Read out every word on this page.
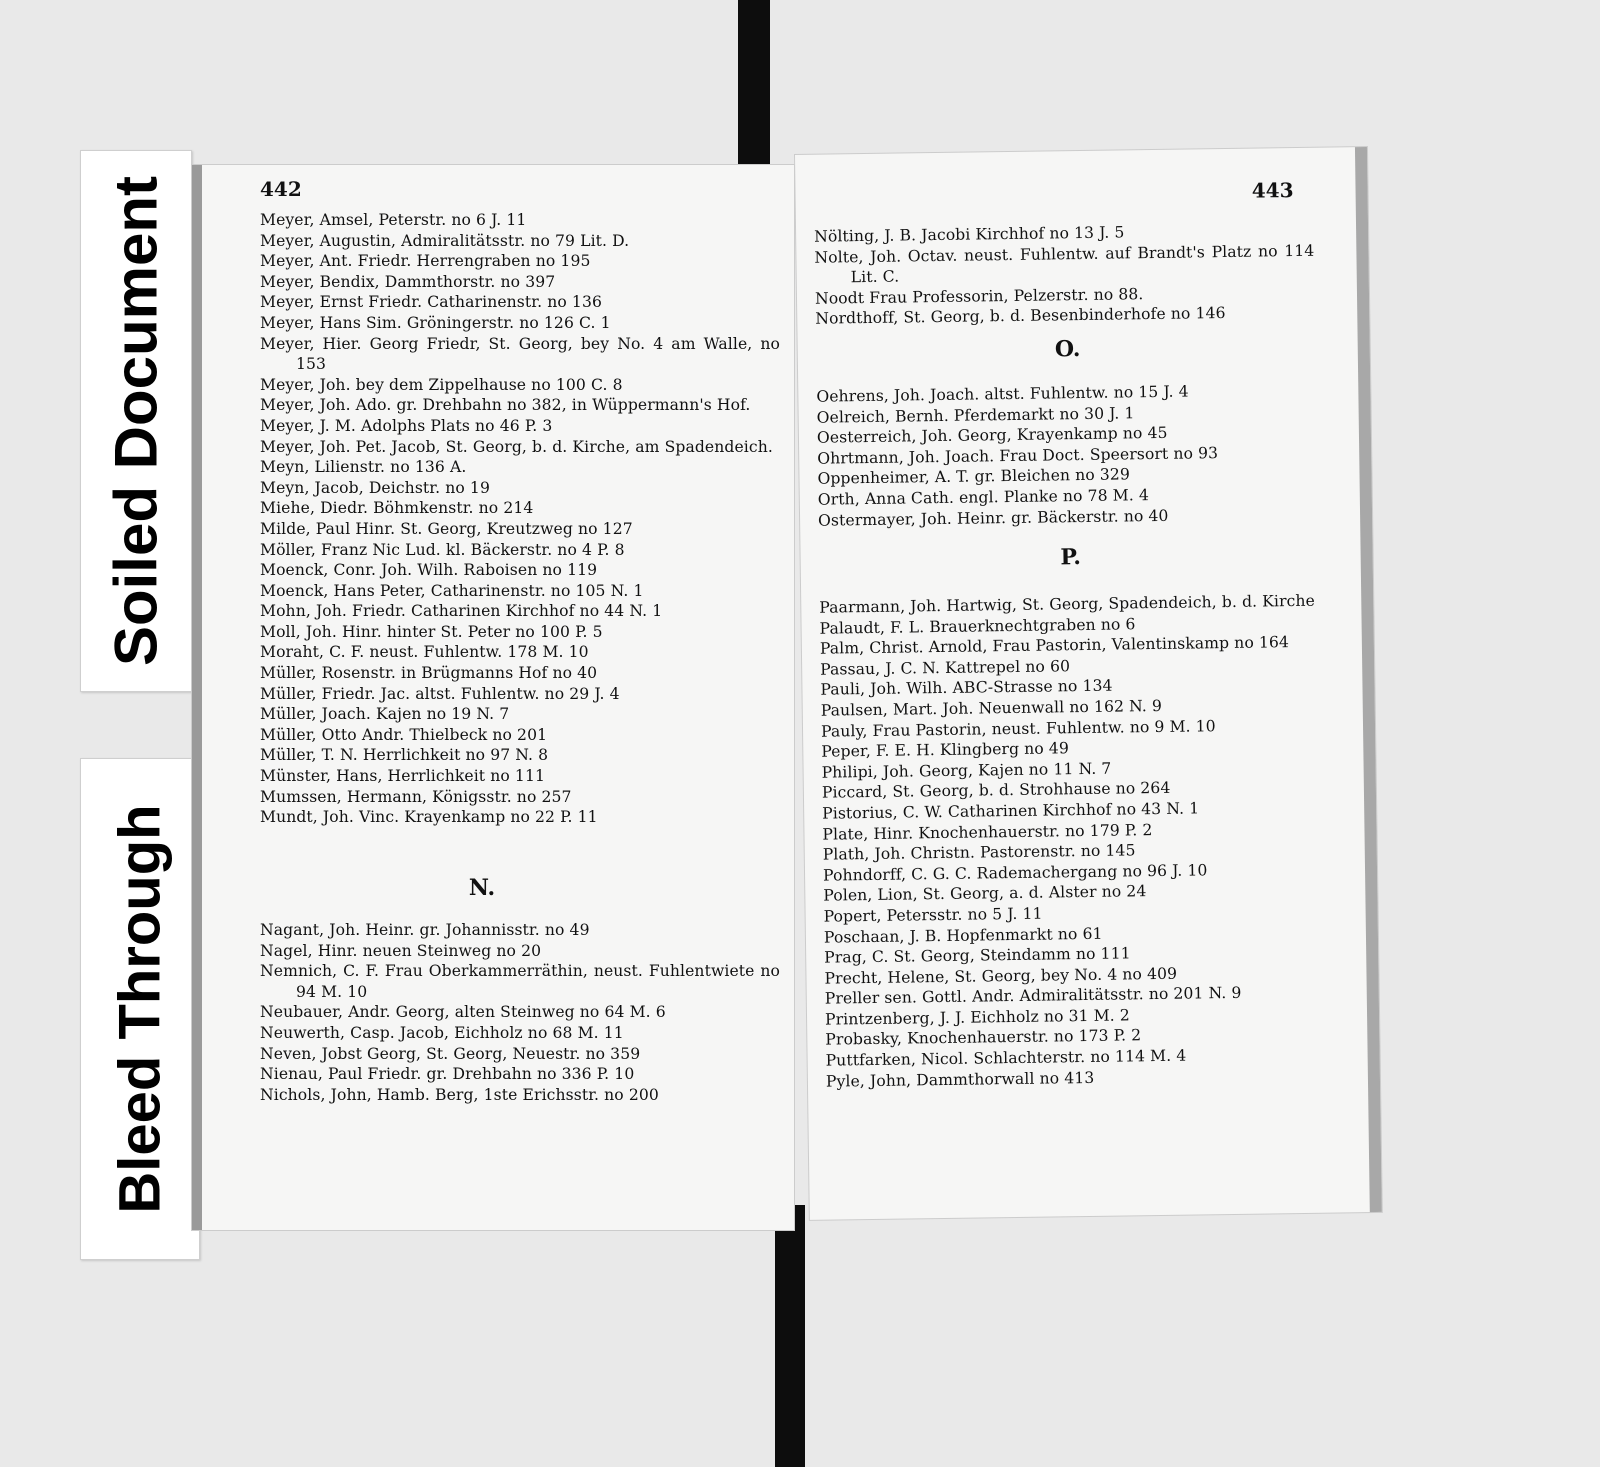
Soiled Document
Bleed Through
442
Meyer, Amsel, Peterstr. no 6 J. 11
Meyer, Augustin, Admiralitätsstr. no 79 Lit. D.
Meyer, Ant. Friedr. Herrengraben no 195
Meyer, Bendix, Dammthorstr. no 397
Meyer, Ernst Friedr. Catharinenstr. no 136
Meyer, Hans Sim. Gröningerstr. no 126 C. 1
Meyer, Hier. Georg Friedr, St. Georg, bey No. 4 am Walle, no 153
Meyer, Joh. bey dem Zippelhause no 100 C. 8
Meyer, Joh. Ado. gr. Drehbahn no 382, in Wüppermann's Hof.
Meyer, J. M. Adolphs Plats no 46 P. 3
Meyer, Joh. Pet. Jacob, St. Georg, b. d. Kirche, am Spadendeich.
Meyn, Lilienstr. no 136 A.
Meyn, Jacob, Deichstr. no 19
Miehe, Diedr. Böhmkenstr. no 214
Milde, Paul Hinr. St. Georg, Kreutzweg no 127
Möller, Franz Nic Lud. kl. Bäckerstr. no 4 P. 8
Moenck, Conr. Joh. Wilh. Raboisen no 119
Moenck, Hans Peter, Catharinenstr. no 105 N. 1
Mohn, Joh. Friedr. Catharinen Kirchhof no 44 N. 1
Moll, Joh. Hinr. hinter St. Peter no 100 P. 5
Moraht, C. F. neust. Fuhlentw. 178 M. 10
Müller, Rosenstr. in Brügmanns Hof no 40
Müller, Friedr. Jac. altst. Fuhlentw. no 29 J. 4
Müller, Joach. Kajen no 19 N. 7
Müller, Otto Andr. Thielbeck no 201
Müller, T. N. Herrlichkeit no 97 N. 8
Münster, Hans, Herrlichkeit no 111
Mumssen, Hermann, Königsstr. no 257
Mundt, Joh. Vinc. Krayenkamp no 22 P. 11
N.
Nagant, Joh. Heinr. gr. Johannisstr. no 49
Nagel, Hinr. neuen Steinweg no 20
Nemnich, C. F. Frau Oberkammerräthin, neust. Fuhlentwiete no 94 M. 10
Neubauer, Andr. Georg, alten Steinweg no 64 M. 6
Neuwerth, Casp. Jacob, Eichholz no 68 M. 11
Neven, Jobst Georg, St. Georg, Neuestr. no 359
Nienau, Paul Friedr. gr. Drehbahn no 336 P. 10
Nichols, John, Hamb. Berg, 1ste Erichsstr. no 200
443
Nölting, J. B. Jacobi Kirchhof no 13 J. 5
Nolte, Joh. Octav. neust. Fuhlentw. auf Brandt's Platz no 114 Lit. C.
Noodt Frau Professorin, Pelzerstr. no 88.
Nordthoff, St. Georg, b. d. Besenbinderhofe no 146
O.
Oehrens, Joh. Joach. altst. Fuhlentw. no 15 J. 4
Oelreich, Bernh. Pferdemarkt no 30 J. 1
Oesterreich, Joh. Georg, Krayenkamp no 45
Ohrtmann, Joh. Joach. Frau Doct. Speersort no 93
Oppenheimer, A. T. gr. Bleichen no 329
Orth, Anna Cath. engl. Planke no 78 M. 4
Ostermayer, Joh. Heinr. gr. Bäckerstr. no 40
P.
Paarmann, Joh. Hartwig, St. Georg, Spadendeich, b. d. Kirche
Palaudt, F. L. Brauerknechtgraben no 6
Palm, Christ. Arnold, Frau Pastorin, Valentinskamp no 164
Passau, J. C. N. Kattrepel no 60
Pauli, Joh. Wilh. ABC-Strasse no 134
Paulsen, Mart. Joh. Neuenwall no 162 N. 9
Pauly, Frau Pastorin, neust. Fuhlentw. no 9 M. 10
Peper, F. E. H. Klingberg no 49
Philipi, Joh. Georg, Kajen no 11 N. 7
Piccard, St. Georg, b. d. Strohhause no 264
Pistorius, C. W. Catharinen Kirchhof no 43 N. 1
Plate, Hinr. Knochenhauerstr. no 179 P. 2
Plath, Joh. Christn. Pastorenstr. no 145
Pohndorff, C. G. C. Rademachergang no 96 J. 10
Polen, Lion, St. Georg, a. d. Alster no 24
Popert, Petersstr. no 5 J. 11
Poschaan, J. B. Hopfenmarkt no 61
Prag, C. St. Georg, Steindamm no 111
Precht, Helene, St. Georg, bey No. 4 no 409
Preller sen. Gottl. Andr. Admiralitätsstr. no 201 N. 9
Printzenberg, J. J. Eichholz no 31 M. 2
Probasky, Knochenhauerstr. no 173 P. 2
Puttfarken, Nicol. Schlachterstr. no 114 M. 4
Pyle, John, Dammthorwall no 413
